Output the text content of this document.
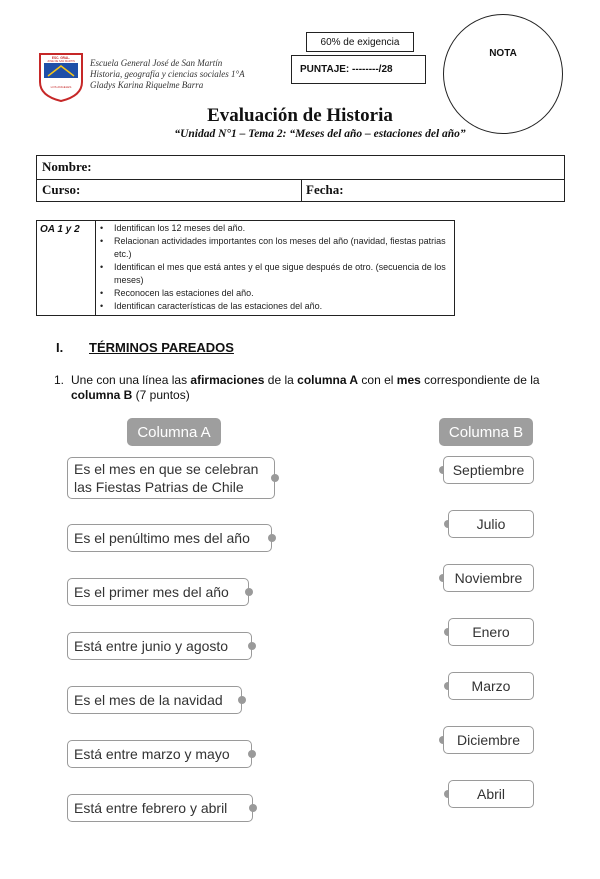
ESC. GRAL.
JOSE DE SAN MARTIN
LOS ANGELES
Escuela General José de San Martín
Historia, geografía y ciencias sociales 1°A
Gladys Karina Riquelme Barra
60% de exigencia
PUNTAJE: --------/28
NOTA
Evaluación de Historia
“Unidad N°1 – Tema 2: “Meses del año – estaciones del año”
Nombre:
Curso:	Fecha:
OA 1 y 2
•	Identifican los 12 meses del año.
• Relacionan actividades importantes con los meses del año (navidad, fiestas patrias etc.)
• Identifican el mes que está antes y el que sigue después de otro. (secuencia de los meses)
• Reconocen las estaciones del año.
• Identifican características de las estaciones del año.
I. TÉRMINOS PAREADOS
1. Une con una línea las afirmaciones de la columna A con el mes correspondiente de la columna B (7 puntos)
Columna A	Columna B
Es el mes en que se celebran
las Fiestas Patrias de Chile
Es el penúltimo mes del año
Es el primer mes del año
Está entre junio y agosto
Es el mes de la navidad
Está entre marzo y mayo
Está entre febrero y abril
Septiembre
Julio
Noviembre
Enero
Marzo
Diciembre
Abril
